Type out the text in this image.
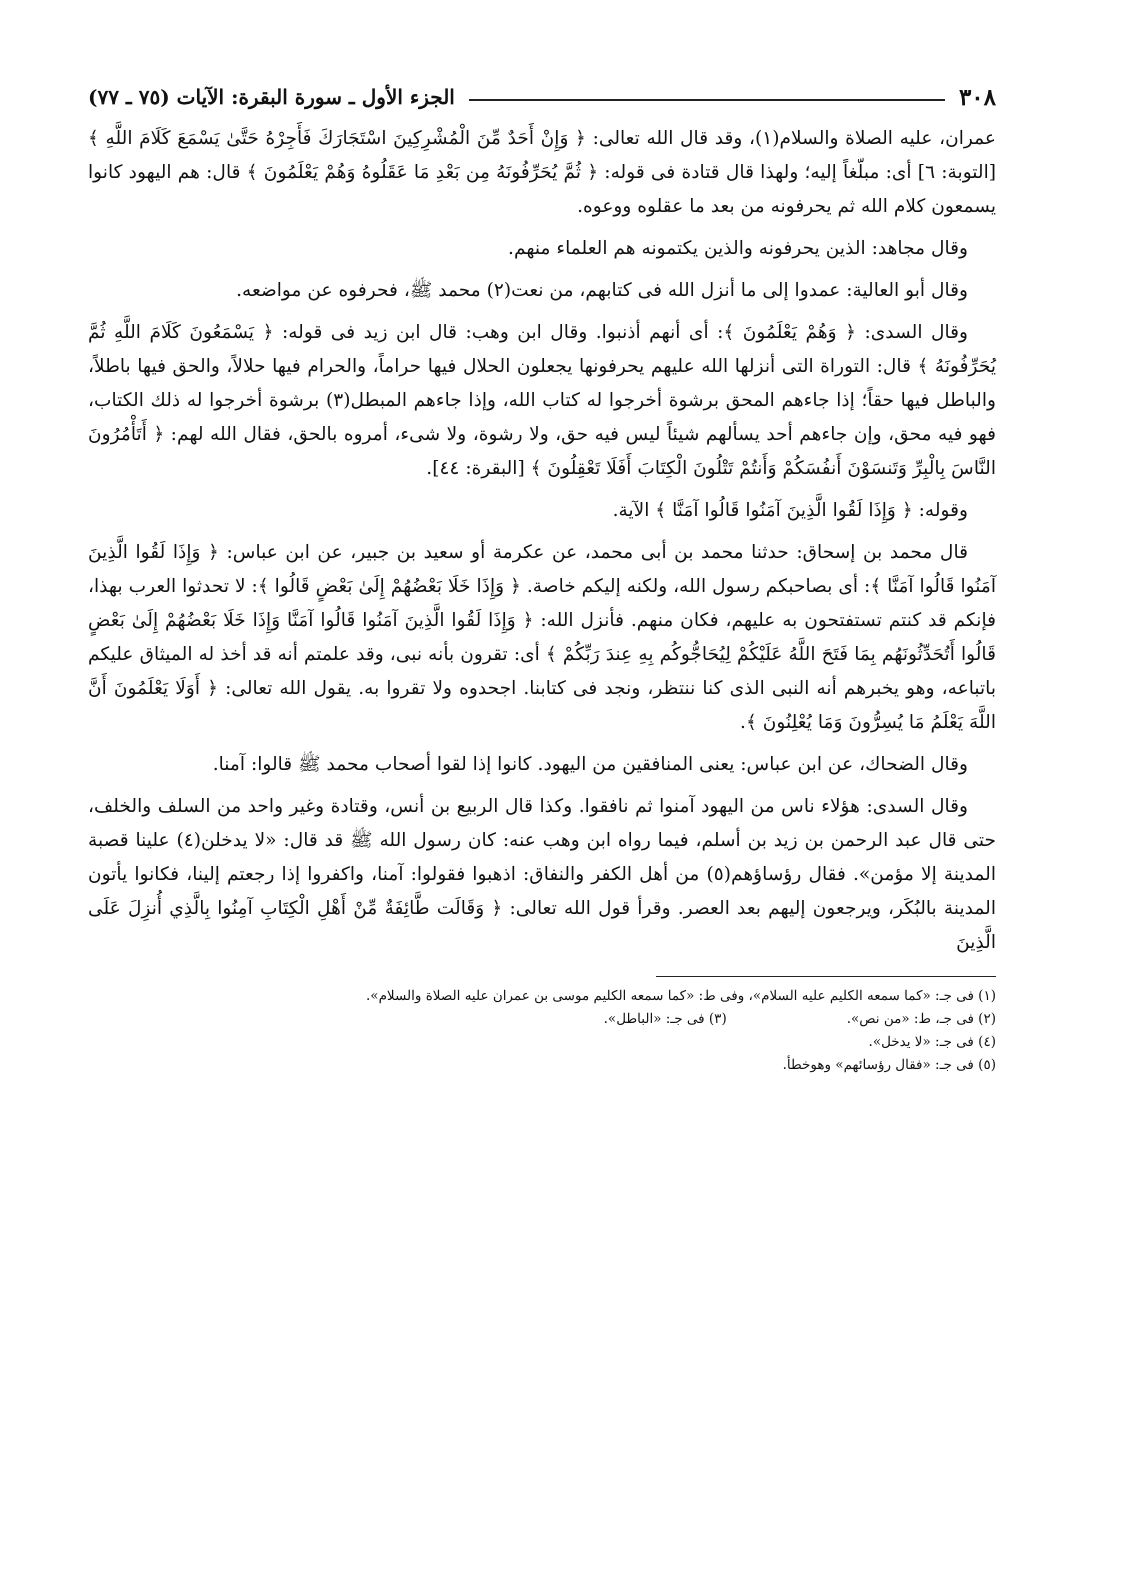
٣٠٨
الجزء الأول ـ سورة البقرة: الآيات (٧٥ ـ ٧٧)

عمران، عليه الصلاة والسلام(١)، وقد قال الله تعالى: ﴿ وَإِنْ أَحَدٌ مِّنَ الْمُشْرِكِينَ اسْتَجَارَكَ فَأَجِرْهُ حَتَّىٰ يَسْمَعَ كَلَامَ اللَّهِ ﴾ [التوبة: ٦] أى: مبلّغاً إليه؛ ولهذا قال قتادة فى قوله: ﴿ ثُمَّ يُحَرِّفُونَهُ مِن بَعْدِ مَا عَقَلُوهُ وَهُمْ يَعْلَمُونَ ﴾ قال: هم اليهود كانوا يسمعون كلام الله ثم يحرفونه من بعد ما عقلوه ووعوه.

وقال مجاهد: الذين يحرفونه والذين يكتمونه هم العلماء منهم.

وقال أبو العالية: عمدوا إلى ما أنزل الله فى كتابهم، من نعت(٢) محمد ﷺ، فحرفوه عن مواضعه.

وقال السدى: ﴿ وَهُمْ يَعْلَمُونَ ﴾: أى أنهم أذنبوا. وقال ابن وهب: قال ابن زيد فى قوله: ﴿ يَسْمَعُونَ كَلَامَ اللَّهِ ثُمَّ يُحَرِّفُونَهُ ﴾ قال: التوراة التى أنزلها الله عليهم يحرفونها يجعلون الحلال فيها حراماً، والحرام فيها حلالاً، والحق فيها باطلاً، والباطل فيها حقاً؛ إذا جاءهم المحق برشوة أخرجوا له كتاب الله، وإذا جاءهم المبطل(٣) برشوة أخرجوا له ذلك الكتاب، فهو فيه محق، وإن جاءهم أحد يسألهم شيئاً ليس فيه حق، ولا رشوة، ولا شىء، أمروه بالحق، فقال الله لهم: ﴿ أَتَأْمُرُونَ النَّاسَ بِالْبِرِّ وَتَنسَوْنَ أَنفُسَكُمْ وَأَنتُمْ تَتْلُونَ الْكِتَابَ أَفَلَا تَعْقِلُونَ ﴾ [البقرة: ٤٤].

وقوله: ﴿ وَإِذَا لَقُوا الَّذِينَ آمَنُوا قَالُوا آمَنَّا ﴾ الآية.

قال محمد بن إسحاق: حدثنا محمد بن أبى محمد، عن عكرمة أو سعيد بن جبير، عن ابن عباس: ﴿ وَإِذَا لَقُوا الَّذِينَ آمَنُوا قَالُوا آمَنَّا ﴾: أى بصاحبكم رسول الله، ولكنه إليكم خاصة. ﴿ وَإِذَا خَلَا بَعْضُهُمْ إِلَىٰ بَعْضٍ قَالُوا ﴾: لا تحدثوا العرب بهذا، فإنكم قد كنتم تستفتحون به عليهم، فكان منهم. فأنزل الله: ﴿ وَإِذَا لَقُوا الَّذِينَ آمَنُوا قَالُوا آمَنَّا وَإِذَا خَلَا بَعْضُهُمْ إِلَىٰ بَعْضٍ قَالُوا أَتُحَدِّثُونَهُم بِمَا فَتَحَ اللَّهُ عَلَيْكُمْ لِيُحَاجُّوكُم بِهِ عِندَ رَبِّكُمْ ﴾ أى: تقرون بأنه نبى، وقد علمتم أنه قد أخذ له الميثاق عليكم باتباعه، وهو يخبرهم أنه النبى الذى كنا ننتظر، ونجد فى كتابنا. اجحدوه ولا تقروا به. يقول الله تعالى: ﴿ أَوَلَا يَعْلَمُونَ أَنَّ اللَّهَ يَعْلَمُ مَا يُسِرُّونَ وَمَا يُعْلِنُونَ ﴾.

وقال الضحاك، عن ابن عباس: يعنى المنافقين من اليهود. كانوا إذا لقوا أصحاب محمد ﷺ قالوا: آمنا.

وقال السدى: هؤلاء ناس من اليهود آمنوا ثم نافقوا. وكذا قال الربيع بن أنس، وقتادة وغير واحد من السلف والخلف، حتى قال عبد الرحمن بن زيد بن أسلم، فيما رواه ابن وهب عنه: كان رسول الله ﷺ قد قال: «لا يدخلن(٤) علينا قصبة المدينة إلا مؤمن». فقال رؤساؤهم(٥) من أهل الكفر والنفاق: اذهبوا فقولوا: آمنا، واكفروا إذا رجعتم إلينا، فكانوا يأتون المدينة بالبُكَر، ويرجعون إليهم بعد العصر. وقرأ قول الله تعالى: ﴿ وَقَالَت طَّائِفَةٌ مِّنْ أَهْلِ الْكِتَابِ آمِنُوا بِالَّذِي أُنزِلَ عَلَى الَّذِينَ

(١) فى جـ: «كما سمعه الكليم عليه السلام»، وفى ط: «كما سمعه الكليم موسى بن عمران عليه الصلاة والسلام».
(٢) فى جـ، ط: «من نص».
(٣) فى جـ: «الباطل».
(٤) فى جـ: «لا يدخل».
(٥) فى جـ: «فقال رؤسائهم» وهوخطأ.
